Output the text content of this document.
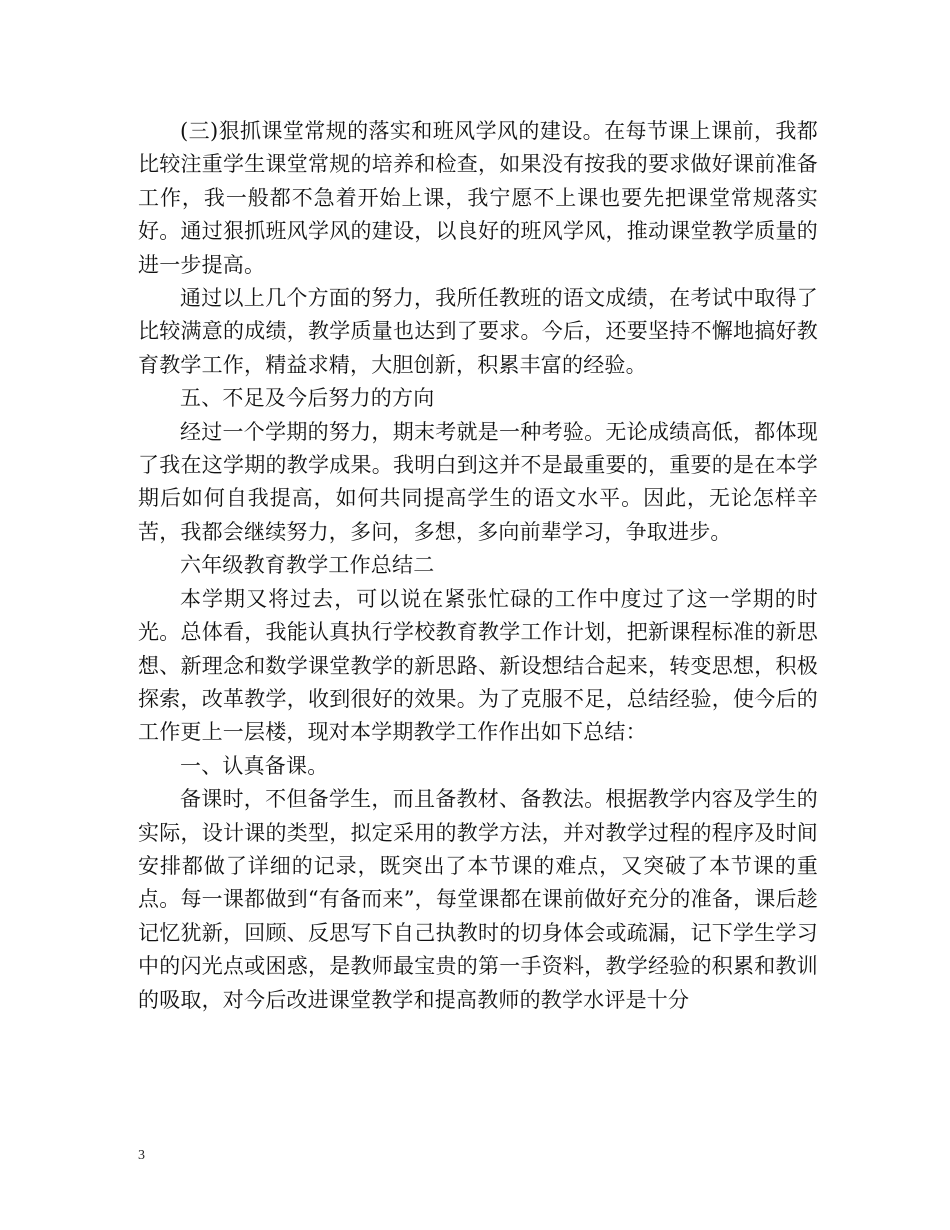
(三)狠抓课堂常规的落实和班风学风的建设。在每节课上课前，我都比较注重学生课堂常规的培养和检查，如果没有按我的要求做好课前准备工作，我一般都不急着开始上课，我宁愿不上课也要先把课堂常规落实好。通过狠抓班风学风的建设，以良好的班风学风，推动课堂教学质量的进一步提高。

通过以上几个方面的努力，我所任教班的语文成绩，在考试中取得了比较满意的成绩，教学质量也达到了要求。今后，还要坚持不懈地搞好教育教学工作，精益求精，大胆创新，积累丰富的经验。

五、不足及今后努力的方向

经过一个学期的努力，期末考就是一种考验。无论成绩高低，都体现了我在这学期的教学成果。我明白到这并不是最重要的，重要的是在本学期后如何自我提高，如何共同提高学生的语文水平。因此，无论怎样辛苦，我都会继续努力，多问，多想，多向前辈学习，争取进步。

六年级教育教学工作总结二

本学期又将过去，可以说在紧张忙碌的工作中度过了这一学期的时光。总体看，我能认真执行学校教育教学工作计划，把新课程标准的新思想、新理念和数学课堂教学的新思路、新设想结合起来，转变思想，积极探索，改革教学，收到很好的效果。为了克服不足，总结经验，使今后的工作更上一层楼，现对本学期教学工作作出如下总结：

一、认真备课。

备课时，不但备学生，而且备教材、备教法。根据教学内容及学生的实际，设计课的类型，拟定采用的教学方法，并对教学过程的程序及时间安排都做了详细的记录，既突出了本节课的难点，又突破了本节课的重点。每一课都做到“有备而来”，每堂课都在课前做好充分的准备，课后趁记忆犹新，回顾、反思写下自己执教时的切身体会或疏漏，记下学生学习中的闪光点或困惑，是教师最宝贵的第一手资料，教学经验的积累和教训的吸取，对今后改进课堂教学和提高教师的教学水评是十分

3
